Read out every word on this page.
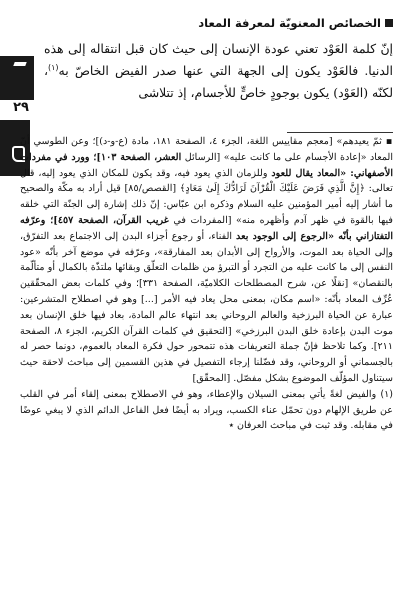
الخصائص المعنويّة لمعرفة المعاد
٢٩

إنّ كلمة العَوْد تعني عودة الإنسان إلى حيث كان قبل انتقاله إلى هذه الدنيا. فالعَوْد يكون إلى الجهة التي عنها صدر الفيض الخاصّ به$^{(١)}$، لكنّه (العَوْد) يكون بوجودٍ خاصٍّ للأجسام، إذ تتلاشى

▪ ثمّ يعيدهم» [معجم مقاييس اللغة، الجزء ٤، الصفحة ١٨١، مادة (ع-و-د)]؛ وعن الطوسي أنّ المعاد «إعادة الأجسام على ما كانت عليه» [الرسائل العشر، الصفحة ١٠٣]؛ وورد في مفردات الأصفهاني: «المعاد يقال للعود وللزمان الذي يعود فيه، وقد يكون للمكان الذي يعود إليه، قال تعالى: ﴿إِنَّ الَّذِي فَرَضَ عَلَيْكَ الْقُرْآنَ لَرَادُّكَ إِلَىٰ مَعَادٍ﴾ [القصص/٨٥] قيل أراد به مكّة والصحيح ما أشار إليه أمير المؤمنين عليه السلام وذكره ابن عبّاس: إنّ ذلك إشارة إلى الجنّة التي خلقه فيها بالقوة في ظهر آدم وأظهره منه» [المفردات في غريب القرآن، الصفحة ٤٥٧]؛ وعرّفه التفتازاني بأنّه «الرجوع إلى الوجود بعد الفناء، أو رجوع أجزاء البدن إلى الاجتماع بعد التفرّق، وإلى الحياة بعد الموت، والأرواح إلى الأبدان بعد المفارقة»، وعرّفه في موضع آخر بأنّه «عود النفس إلى ما كانت عليه من التجرد أو التبرؤ من ظلمات التعلّق وبقائها ملتذّة بالكمال أو متألّمة بالنقصان» [نقلًا عن، شرح المصطلحات الكلاميّة، الصفحة ٣٣١]؛ وفي كلمات بعض المحقّقين عُرِّف المعاد بأنّه: «اسم مكان، بمعنى محل يعاد فيه الأمر [...] وهو في اصطلاح المتشرعين: عبارة عن الحياة البرزخية والعالم الروحاني بعد انتهاء عالم المادة، بعاد فيها خلق الإنسان بعد موت البدن بإعادة خلق البدن البرزخي» [التحقيق في كلمات القرآن الكريم، الجزء ٨، الصفحة ٢١١]. وكما تلاحظ فإنّ جملة التعريفات هذه تتمحور حول فكرة المعاد بالعموم، دونما حصر له بالجسماني أو الروحاني، وقد فضّلنا إرجاء التفصيل في هذين القسمين إلى مباحث لاحقة حيث سيتناول المؤلّف الموضوع بشكل مفصّل. [المحقّق]

(١) والفيض لغةً يأتي بمعنى السيلان والإعطاء، وهو في الاصطلاح بمعنى إلقاء أمر في القلب عن طريق الإلهام دون تحمّل عناء الكسب، ويراد به أيضًا فعل الفاعل الدائم الذي لا يبغي عوضًا في مقابله. وقد ثبت في مباحث العرفان ٭
